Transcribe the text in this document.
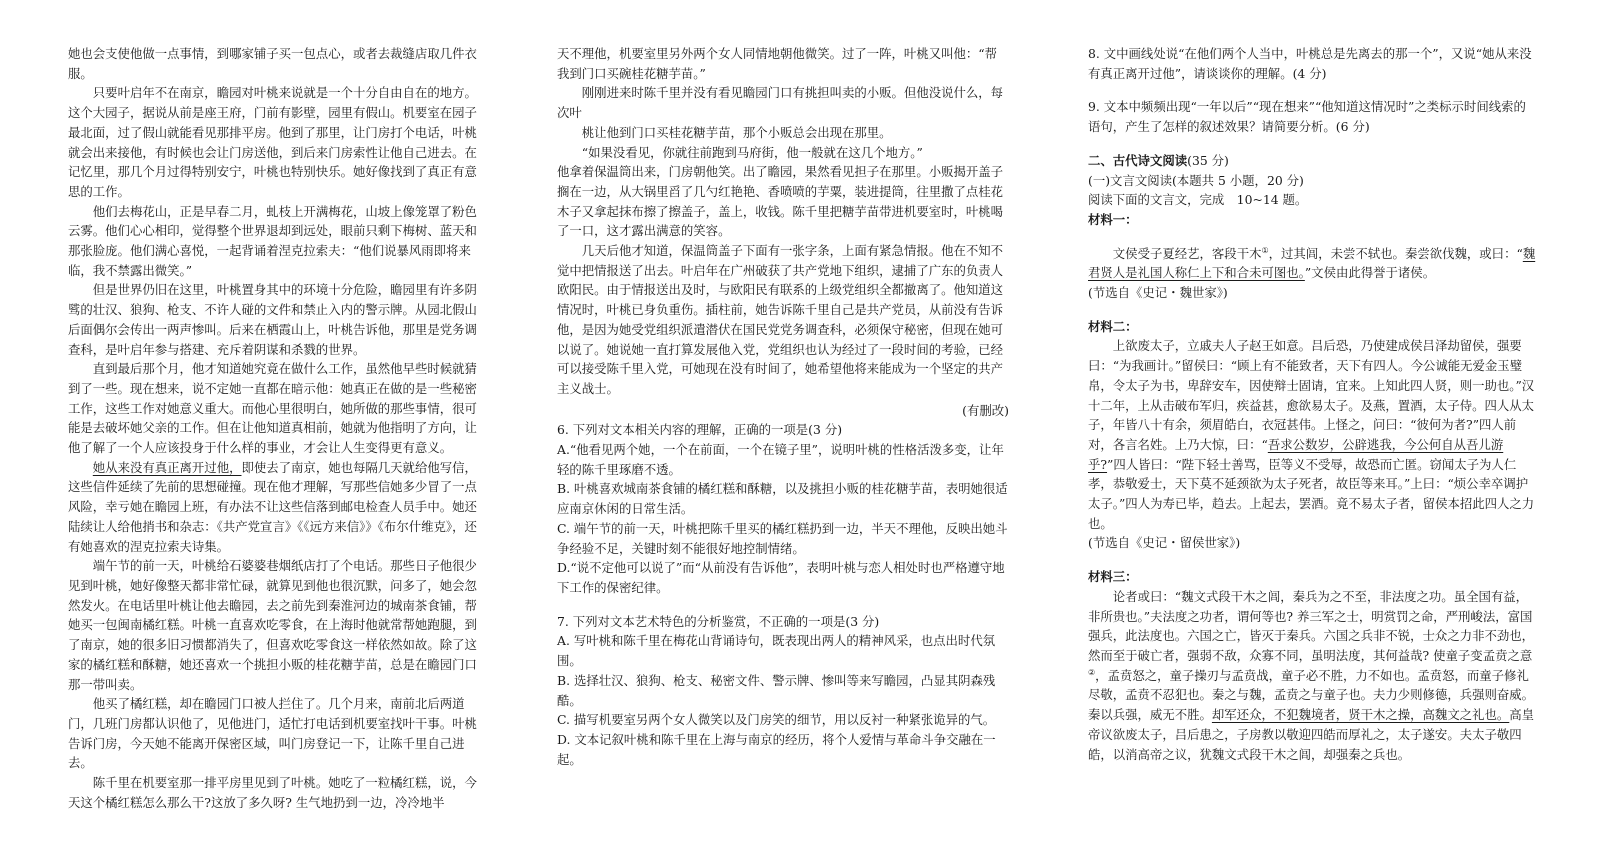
她也会支使他做一点事情，到哪家铺子买一包点心，或者去裁缝店取几件衣服。

只要叶启年不在南京，瞻园对叶桃来说就是一个十分自由自在的地方。这个大园子，据说从前是座王府，门前有影壁，园里有假山。机要室在园子最北面，过了假山就能看见那排平房。他到了那里，让门房打个电话，叶桃就会出来接他，有时候也会让门房送他，到后来门房索性让他自己进去。在记忆里，那几个月过得特别安宁，叶桃也特别快乐。她好像找到了真正有意思的工作。

他们去梅花山，正是早春二月，虬枝上开满梅花，山坡上像笼罩了粉色云雾。他们心心相印，觉得整个世界退却到远处，眼前只剩下梅树、蓝天和那张脸庞。他们满心喜悦，一起背诵着涅克拉索夫：“他们说暴风雨即将来临，我不禁露出微笑。”

但是世界仍旧在这里，叶桃置身其中的环境十分危险，瞻园里有许多阴骘的壮汉、狼狗、枪支、不许人碰的文件和禁止入内的警示牌。从园北假山后面偶尔会传出一两声惨叫。后来在栖霞山上，叶桃告诉他，那里是党务调查科，是叶启年参与搭建、充斥着阴谋和杀戮的世界。

直到最后那个月，他才知道她究竟在做什么工作，虽然他早些时候就猜到了一些。现在想来，说不定她一直都在暗示他：她真正在做的是一些秘密工作，这些工作对她意义重大。而他心里很明白，她所做的那些事情，很可能是去破坏她父亲的工作。但在让他知道真相前，她就为他指明了方向，让他了解了一个人应该投身于什么样的事业，才会让人生变得更有意义。

她从来没有真正离开过他，即使去了南京，她也每隔几天就给他写信，这些信件延续了先前的思想碰撞。现在他才理解，写那些信她多少冒了一点风险，幸亏她在瞻园上班，有办法不让这些信落到邮电检查人员手中。她还陆续让人给他捎书和杂志：《共产党宣言》《《远方来信》》《布尔什维克》，还有她喜欢的涅克拉索夫诗集。

端午节的前一天，叶桃给石婆婆巷烟纸店打了个电话。那些日子他很少见到叶桃，她好像整天都非常忙碌，就算见到他也很沉默，问多了，她会忽然发火。在电话里叶桃让他去瞻园，去之前先到秦淮河边的城南茶食铺，帮她买一包闽南橘红糕。叶桃一直喜欢吃零食，在上海时他就常帮她跑腿，到了南京，她的很多旧习惯都消失了，但喜欢吃零食这一样依然如故。除了这家的橘红糕和酥糖，她还喜欢一个挑担小贩的桂花糖芋苗，总是在瞻园门口那一带叫卖。

他买了橘红糕，却在瞻园门口被人拦住了。几个月来，南前北后两道门，几班门房都认识他了，见他进门，适忙打电话到机要室找叶干事。叶桃告诉门房，今天她不能离开保密区域，叫门房登记一下，让陈千里自己进去。

陈千里在机要室那一排平房里见到了叶桃。她吃了一粒橘红糕，说，今天这个橘红糕怎么那么干?这放了多久呀? 生气地扔到一边，冷冷地半

天不理他，机要室里另外两个女人同情地朝他微笑。过了一阵，叶桃又叫他：“帮我到门口买碗桂花糖芋苗。”

刚刚进来时陈千里并没有看见瞻园门口有挑担叫卖的小贩。但他没说什么，每次叶

桃让他到门口买桂花糖芋苗，那个小贩总会出现在那里。

“如果没看见，你就往前跑到马府街，他一般就在这几个地方。”

他拿着保温筒出来，门房朝他笑。出了瞻园，果然看见担子在那里。小贩揭开盖子搁在一边，从大锅里舀了几勺红艳艳、香喷喷的芋粟，装进提筒，往里撒了点桂花木子又拿起抹布擦了擦盖子，盖上，收钱。陈千里把糖芋苗带进机要室时，叶桃喝了一口，这才露出满意的笑容。

几天后他才知道，保温筒盖子下面有一张字条，上面有紧急情报。他在不知不觉中把情报送了出去。叶启年在广州破获了共产党地下组织，逮捕了广东的负责人欧阳民。由于情报送出及时，与欧阳民有联系的上级党组织全都撤离了。他知道这情况时，叶桃已身负重伤。插柱前，她告诉陈千里自己是共产党员，从前没有告诉他，是因为她受党组织派遣潜伏在国民党党务调查科，必须保守秘密，但现在她可以说了。她说她一直打算发展他入党，党组织也认为经过了一段时间的考验，已经可以接受陈千里入党，可她现在没有时间了，她希望他将来能成为一个坚定的共产主义战士。

(有删改)

6. 下列对文本相关内容的理解，正确的一项是(3 分)

A.“他看见两个她，一个在前面，一个在镜子里”，说明叶桃的性格活泼多变，让年轻的陈千里琢磨不透。

B. 叶桃喜欢城南茶食铺的橘红糕和酥糖，以及挑担小贩的桂花糖芋苗，表明她很适应南京休闲的日常生活。

C. 端午节的前一天，叶桃把陈千里买的橘红糕扔到一边，半天不理他，反映出她斗争经验不足，关键时刻不能很好地控制情绪。

D.“说不定他可以说了”而“从前没有告诉他”，表明叶桃与恋人相处时也严格遵守地下工作的保密纪律。

7. 下列对文本艺术特色的分析鉴赏，不正确的一项是(3 分)

A. 写叶桃和陈千里在梅花山背诵诗句，既表现出两人的精神风采，也点出时代氛围。

B. 选择壮汉、狼狗、枪支、秘密文件、警示牌、惨叫等来写瞻园，凸显其阴森残酷。

C. 描写机要室另两个女人微笑以及门房笑的细节，用以反衬一种紧张诡异的气。

D. 文本记叙叶桃和陈千里在上海与南京的经历，将个人爱情与革命斗争交融在一起。

8. 文中画线处说“在他们两个人当中，叶桃总是先离去的那一个”，又说“她从来没有真正离开过他”，请谈谈你的理解。(4 分)

9. 文本中频频出现“一年以后”“现在想来”“他知道这情况时”之类标示时间线索的语句，产生了怎样的叙述效果？请简要分析。(6 分)

二、古代诗文阅读(35 分)

(一)文言文阅读(本题共 5 小题，20 分)

阅读下面的文言文，完成　10~14 题。

材料一：

文侯受子夏经艺，客段干木①，过其闾，未尝不轼也。秦尝欲伐魏，或曰：“魏君贤人是礼国人称仁上下和合未可图也。”文侯由此得誉于诸侯。

(节选自《史记・魏世家》)

材料二：

上欲废太子，立戚夫人子赵王如意。吕后恐，乃使建成侯吕泽劫留侯，强要曰：“为我画计。”留侯曰：“顾上有不能致者，天下有四人。今公诚能无爱金玉璧帛，令太子为书，卑辞安车，因使辩士固请，宜来。上知此四人贤，则一助也。”汉十二年，上从击破布军归，疾益甚，愈欲易太子。及燕，置酒，太子侍。四人从太子，年皆八十有余，须眉皓白，衣冠甚伟。上怪之，问曰：“彼何为者?”四人前对，各言名姓。上乃大惊，曰：“吾求公数岁，公辟逃我，今公何自从吾儿游乎?”四人皆曰：“陛下轻士善骂，臣等义不受辱，故恐而亡匿。窃闻太子为人仁孝，恭敬爱士，天下莫不延颈欲为太子死者，故臣等来耳。”上曰：“烦公幸卒调护太子。”四人为寿已毕，趋去。上起去，罢酒。竟不易太子者，留侯本招此四人之力也。

(节选自《史记・留侯世家》)

材料三：

论者或曰：“魏文式段干木之闾，秦兵为之不至，非法度之功。虽全国有益，非所贵也。”夫法度之功者，谓何等也? 养三军之士，明赏罚之命，严刑峻法，富国强兵，此法度也。六国之亡，皆灭于秦兵。六国之兵非不锐，士众之力非不劲也，然而至于破亡者，强弱不敌，众寡不同，虽明法度，其何益哉? 使童子变孟贲之意②，孟贲怒之，童子操刃与孟贲战，童子必不胜，力不如也。孟贲怒，而童子修礼尽敬，孟贲不忍犯也。秦之与魏，孟贲之与童子也。夫力少则修德，兵强则奋威。秦以兵强，威无不胜。却军还众，不犯魏境者，贤干木之操，高魏文之礼也。高皇帝议欲废太子，吕后患之，子房教以敬迎四皓而厚礼之，太子遂安。夫太子敬四皓，以消高帝之议，犹魏文式段干木之闾，却强秦之兵也。
